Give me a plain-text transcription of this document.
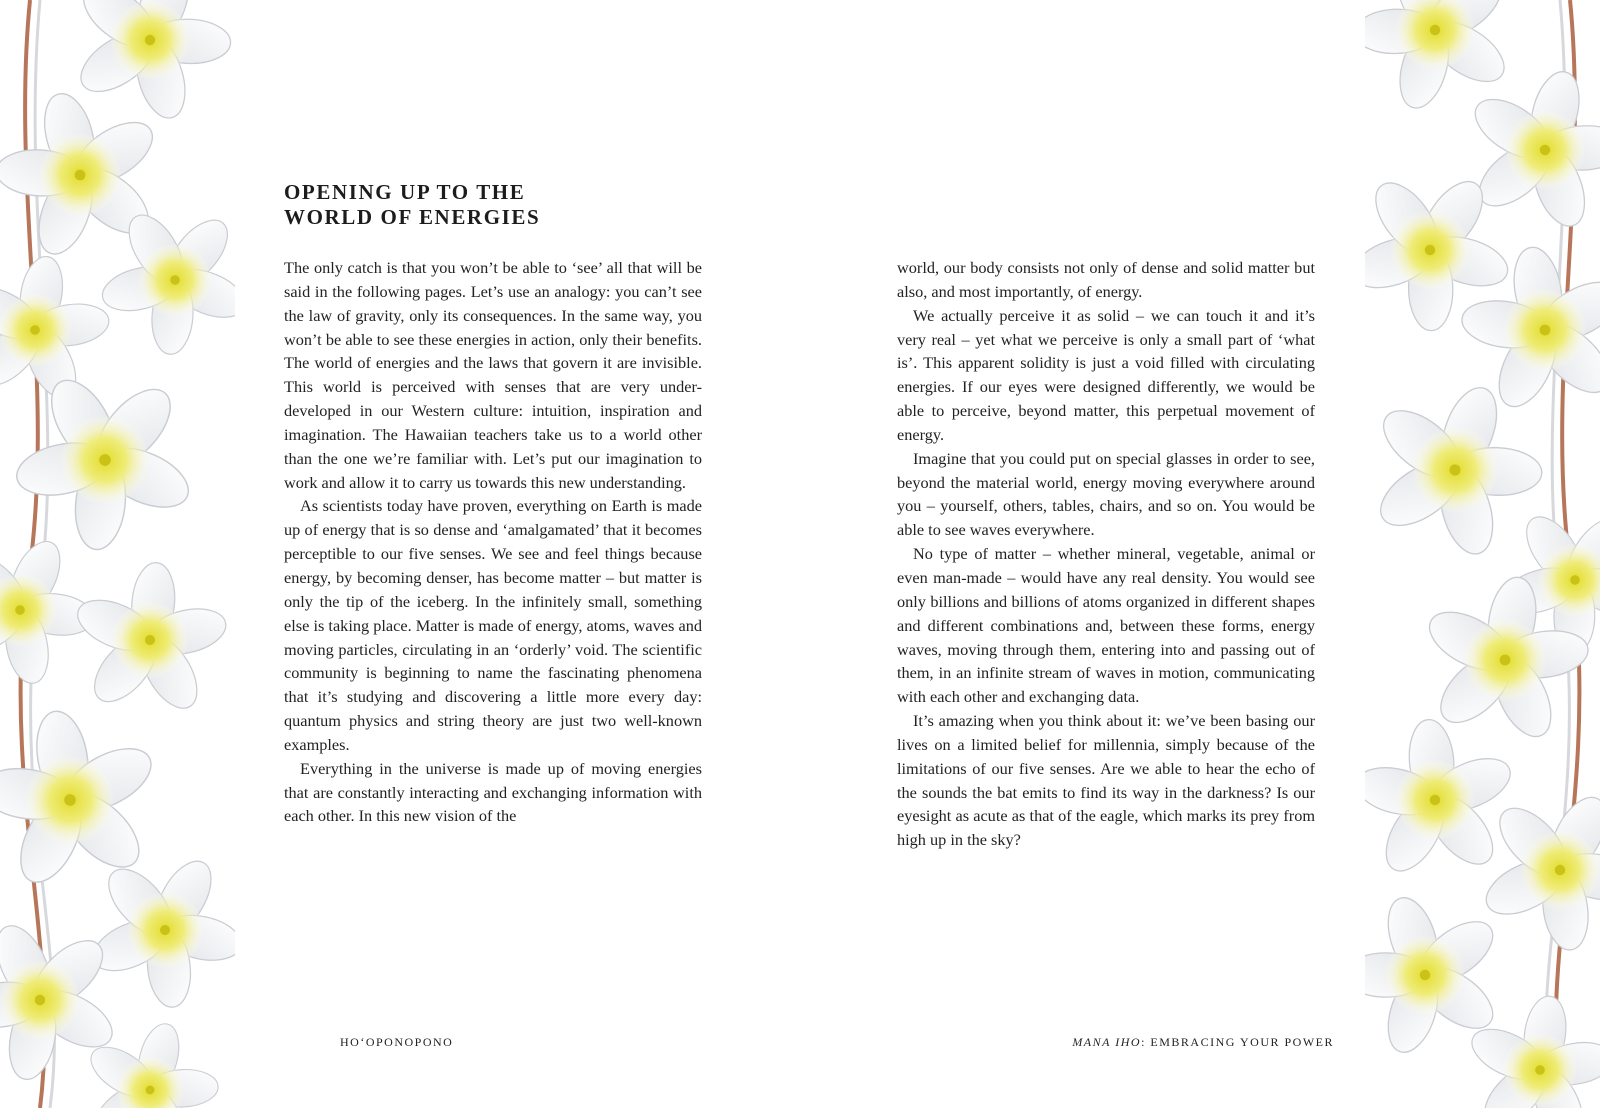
OPENING UP TO THE
WORLD OF ENERGIES

The only catch is that you won’t be able to ‘see’ all that will be said in the following pages. Let’s use an analogy: you can’t see the law of gravity, only its consequences. In the same way, you won’t be able to see these energies in action, only their benefits. The world of energies and the laws that govern it are invisible. This world is perceived with senses that are very under-developed in our Western culture: intuition, inspiration and imagination. The Hawaiian teachers take us to a world other than the one we’re familiar with. Let’s put our imagination to work and allow it to carry us towards this new understanding.

As scientists today have proven, everything on Earth is made up of energy that is so dense and ‘amalgamated’ that it becomes perceptible to our five senses. We see and feel things because energy, by becoming denser, has become matter – but matter is only the tip of the iceberg. In the infinitely small, something else is taking place. Matter is made of energy, atoms, waves and moving particles, circulating in an ‘orderly’ void. The scientific community is beginning to name the fascinating phenomena that it’s studying and discovering a little more every day: quantum physics and string theory are just two well-known examples.

Everything in the universe is made up of moving energies that are constantly interacting and exchanging information with each other. In this new vision of the

world, our body consists not only of dense and solid matter but also, and most importantly, of energy.

We actually perceive it as solid – we can touch it and it’s very real – yet what we perceive is only a small part of ‘what is’. This apparent solidity is just a void filled with circulating energies. If our eyes were designed differently, we would be able to perceive, beyond matter, this perpetual movement of energy.

Imagine that you could put on special glasses in order to see, beyond the material world, energy moving everywhere around you – yourself, others, tables, chairs, and so on. You would be able to see waves everywhere.

No type of matter – whether mineral, vegetable, animal or even man-made – would have any real density. You would see only billions and billions of atoms organized in different shapes and different combinations and, between these forms, energy waves, moving through them, entering into and passing out of them, in an infinite stream of waves in motion, communicating with each other and exchanging data.

It’s amazing when you think about it: we’ve been basing our lives on a limited belief for millennia, simply because of the limitations of our five senses. Are we able to hear the echo of the sounds the bat emits to find its way in the darkness? Is our eyesight as acute as that of the eagle, which marks its prey from high up in the sky?

HOʻOPONOPONO	MANA IHO: EMBRACING YOUR POWER
